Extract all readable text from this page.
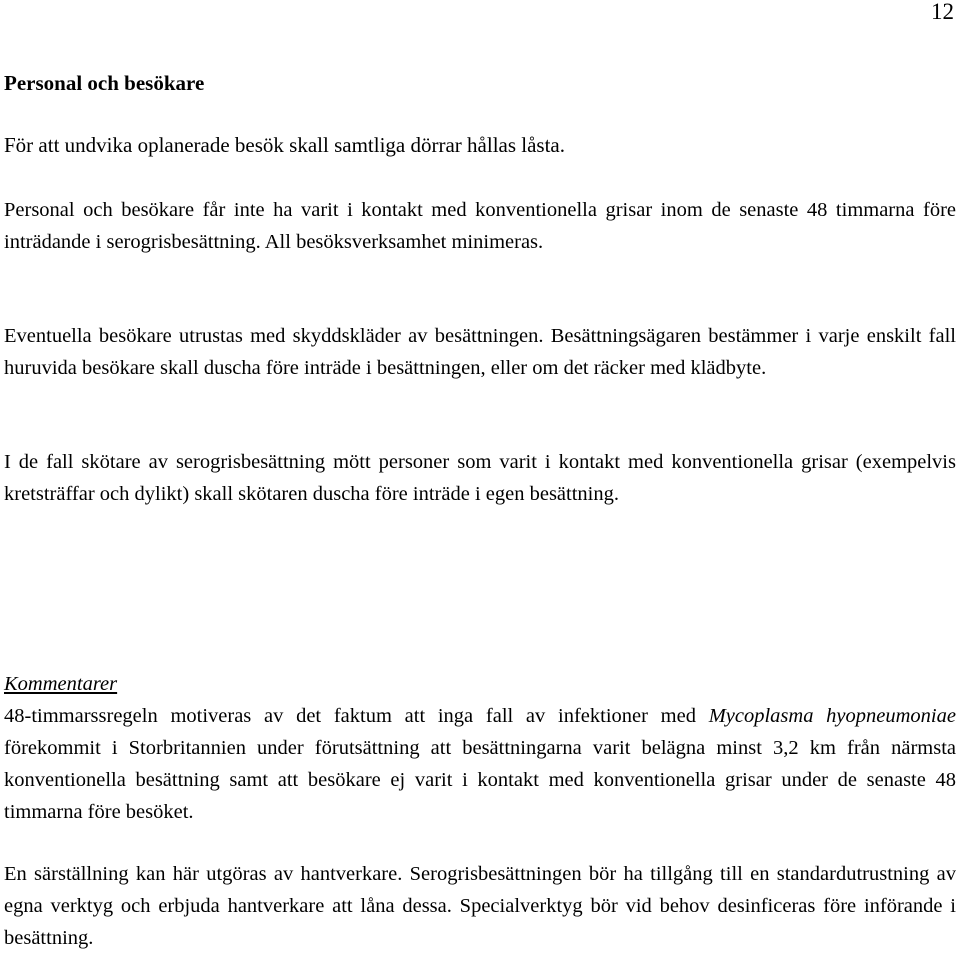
12
Personal och besökare

För att undvika oplanerade besök skall samtliga dörrar hållas låsta.

Personal och besökare får inte ha varit i kontakt med konventionella grisar inom de senaste 48 timmarna före inträdande i serogrisbesättning. All besöksverksamhet minimeras.

Eventuella besökare utrustas med skyddskläder av besättningen. Besättningsägaren bestämmer i varje enskilt fall huruvida besökare skall duscha före inträde i besättningen, eller om det räcker med klädbyte.

I de fall skötare av serogrisbesättning mött personer som varit i kontakt med konventionella grisar (exempelvis kretsträffar och dylikt) skall skötaren duscha före inträde i egen besättning.

Kommentarer

48-timmarssregeln motiveras av det faktum att inga fall av infektioner med Mycoplasma hyopneumoniae förekommit i Storbritannien under förutsättning att besättningarna varit belägna minst 3,2 km från närmsta konventionella besättning samt att besökare ej varit i kontakt med konventionella grisar under de senaste 48 timmarna före besöket.

En särställning kan här utgöras av hantverkare. Serogrisbesättningen bör ha tillgång till en standardutrustning av egna verktyg och erbjuda hantverkare att låna dessa. Specialverktyg bör vid behov desinficeras före införande i besättning.
